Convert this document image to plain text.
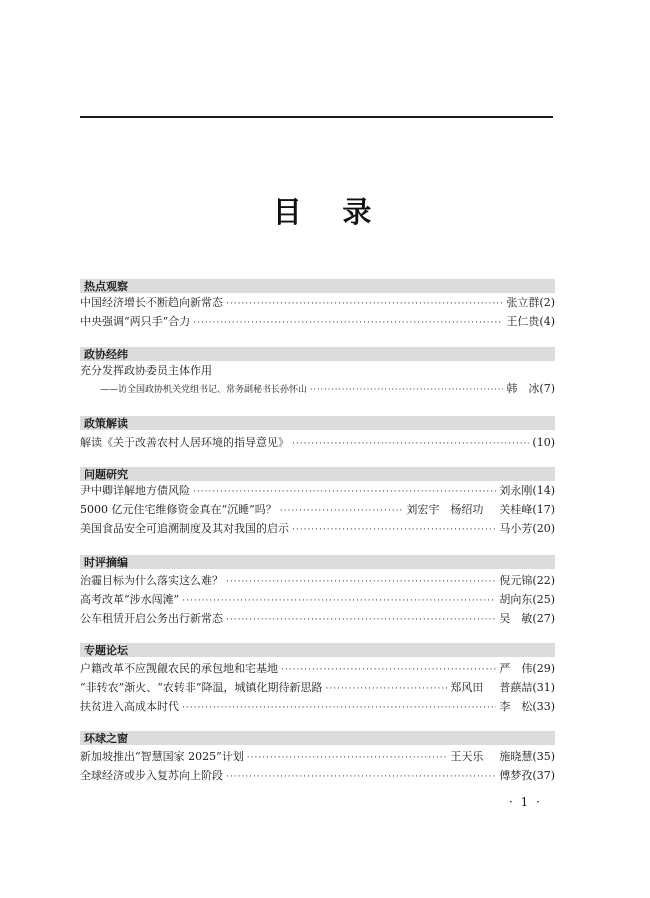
目　录
热点观察
中国经济增长不断趋向新常态 ·····	张立群 (2)
中央强调“两只手”合力 ·····	王仁贵 (4)
政协经纬
充分发挥政协委员主体作用
——访全国政协机关党组书记、常务副秘书长孙怀山 ·····	韩　冰 (7)
政策解读
解读《关于改善农村人居环境的指导意见》 ·····	(10)
问题研究
尹中卿详解地方债风险 ·····	刘永刚 (14)
5000 亿元住宅维修资金真在“沉睡”吗？ ·····	刘宏宇　杨绍功 关桂峰 (17)
美国食品安全可追溯制度及其对我国的启示 ·····	马小芳 (20)
时评摘编
治霾目标为什么落实这么难？ ·····	倪元锦 (22)
高考改革“涉水闯滩” ·····	胡向东 (25)
公车租赁开启公务出行新常态 ·····	吴　敏 (27)
专题论坛
户籍改革不应觊觎农民的承包地和宅基地 ·····	严　伟 (29)
“非转农”渐火、“农转非”降温，城镇化期待新思路 ·····	郑风田 普蕻喆 (31)
扶贫进入高成本时代 ·····	李　松 (33)
环球之窗
新加坡推出“智慧国家 2025”计划 ·····	王天乐 施晓慧 (35)
全球经济或步入复苏向上阶段 ·····	傅梦孜 (37)
· 1 ·
